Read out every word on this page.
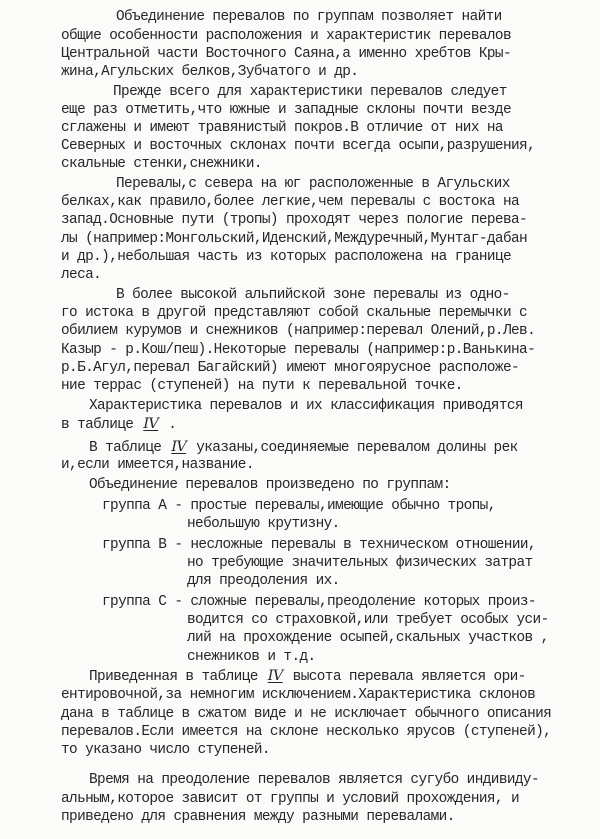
Объединение перевалов по группам позволяет найти
общие особенности расположения и характеристик перевалов
Центральной части Восточного Саяна,а именно хребтов Кры-
жина,Агульских белков,Зубчатого и др.
Прежде всего для характеристики перевалов следует
еще раз отметить,что южные и западные склоны почти везде
сглажены и имеют травянистый покров.В отличие от них на
Северных и восточных склонах почти всегда осыпи,разрушения,
скальные стенки,снежники.
Перевалы,с севера на юг расположенные в Агульских
белках,как правило,более легкие,чем перевалы с востока на
запад.Основные пути (тропы) проходят через пологие перева-
лы (например:Монгольский,Иденский,Междуречный,Мунтаг-дабан
и др.),небольшая часть из которых расположена на границе
леса.
В более высокой альпийской зоне перевалы из одно-
го истока в другой представляют собой скальные перемычки с
обилием курумов и снежников (например:перевал Олений,р.Лев.
Казыр - р.Кош/пеш).Некоторые перевалы (например:р.Ванькина-
р.Б.Агул,перевал Багайский) имеют многоярусное расположе-
ние террас (ступеней) на пути к перевальной точке.
Характеристика перевалов и их классификация приводятся
в таблице IV .
В таблице IV указаны,соединяемые перевалом долины рек
и,если имеется,название.
Объединение перевалов произведено по группам:
группа А - простые перевалы,имеющие обычно тропы,
небольшую крутизну.
группа В - несложные перевалы в техническом отношении,
но требующие значительных физических затрат
для преодоления их.
группа С - сложные перевалы,преодоление которых произ-
водится со страховкой,или требует особых уси-
лий на прохождение осыпей,скальных участков ,
снежников и т.д.
Приведенная в таблице IV высота перевала является ори-
ентировочной,за немногим исключением.Характеристика склонов
дана в таблице в сжатом виде и не исключает обычного описания
перевалов.Если имеется на склоне несколько ярусов (ступеней),
то указано число ступеней.
Время на преодоление перевалов является сугубо индивиду-
альным,которое зависит от группы и условий прохождения, и
приведено для сравнения между разными перевалами.
